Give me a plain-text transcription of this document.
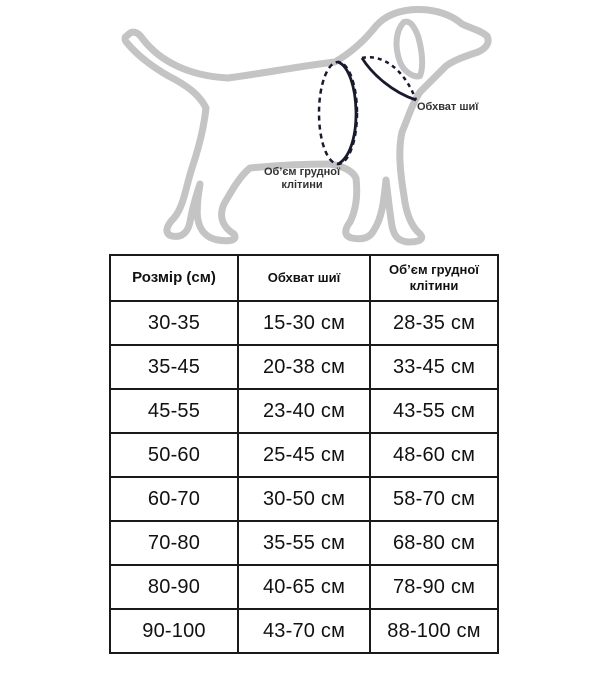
Обхват шиї
Об’єм грудної клітини
Розмір (см)	Обхват шиї	Об’єм грудної клітини
30-35	15-30 см	28-35 см
35-45	20-38 см	33-45 см
45-55	23-40 см	43-55 см
50-60	25-45 см	48-60 см
60-70	30-50 см	58-70 см
70-80	35-55 см	68-80 см
80-90	40-65 см	78-90 см
90-100	43-70 см	88-100 см
